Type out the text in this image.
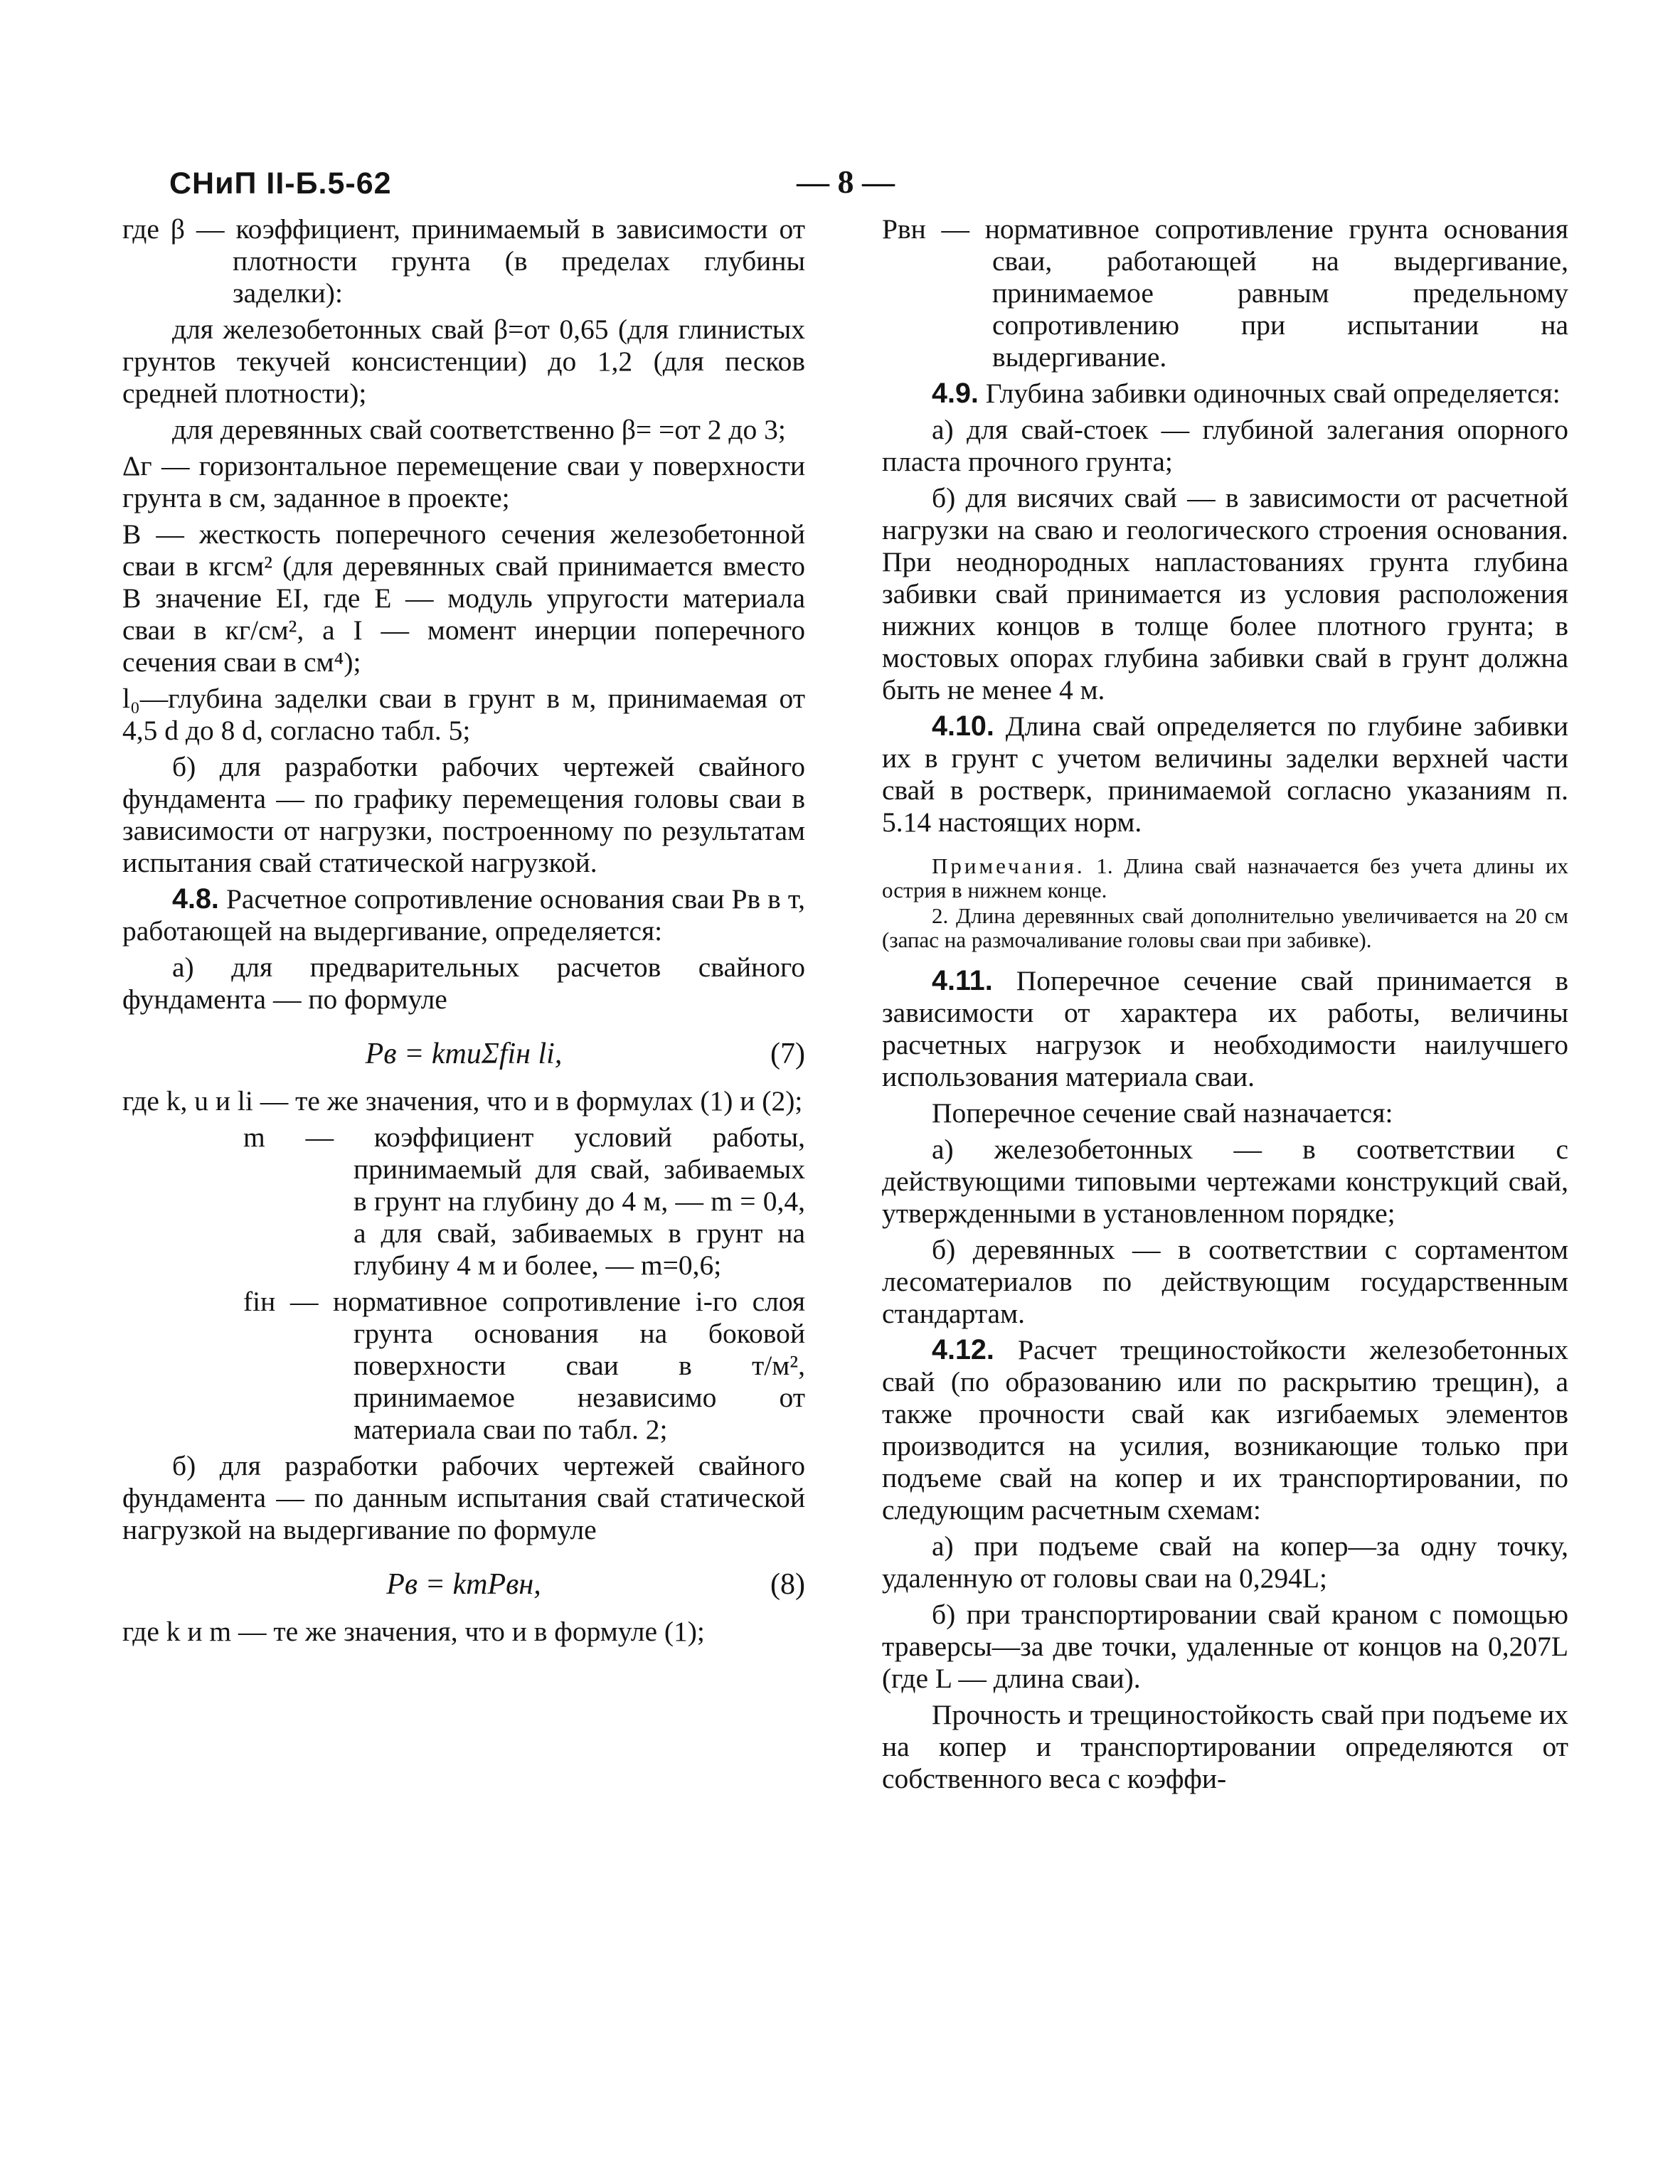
СНиП II-Б.5-62	— 8 —

где β — коэффициент, принимаемый в зависимости от плотности грунта (в пределах глубины заделки):

для железобетонных свай β=от 0,65 (для глинистых грунтов текучей консистенции) до 1,2 (для песков средней плотности);

для деревянных свай соответственно β= =от 2 до 3;

Δг — горизонтальное перемещение сваи у поверхности грунта в см, заданное в проекте;

B — жесткость поперечного сечения железобетонной сваи в кгсм² (для деревянных свай принимается вместо B значение EI, где E — модуль упругости материала сваи в кг/см², а I — момент инерции поперечного сечения сваи в см⁴);

l₀—глубина заделки сваи в грунт в м, принимаемая от 4,5 d до 8 d, согласно табл. 5;

б) для разработки рабочих чертежей свайного фундамента — по графику перемещения головы сваи в зависимости от нагрузки, построенному по результатам испытания свай статической нагрузкой.

4.8. Расчетное сопротивление основания сваи Pв в т, работающей на выдергивание, определяется:

а) для предварительных расчетов свайного фундамента — по формуле

Pв = kmuΣfiн li,	(7)

где k, u и li — те же значения, что и в формулах (1) и (2);

m — коэффициент условий работы, принимаемый для свай, забиваемых в грунт на глубину до 4 м, — m = 0,4, а для свай, забиваемых в грунт на глубину 4 м и более, — m=0,6;

fiн — нормативное сопротивление i-го слоя грунта основания на боковой поверхности сваи в т/м², принимаемое независимо от материала сваи по табл. 2;

б) для разработки рабочих чертежей свайного фундамента — по данным испытания свай статической нагрузкой на выдергивание по формуле

Pв = kmPвн,	(8)

где k и m — те же значения, что и в формуле (1);

Pвн — нормативное сопротивление грунта основания сваи, работающей на выдергивание, принимаемое равным предельному сопротивлению при испытании на выдергивание.

4.9. Глубина забивки одиночных свай определяется:

а) для свай-стоек — глубиной залегания опорного пласта прочного грунта;

б) для висячих свай — в зависимости от расчетной нагрузки на сваю и геологического строения основания. При неоднородных напластованиях грунта глубина забивки свай принимается из условия расположения нижних концов в толще более плотного грунта; в мостовых опорах глубина забивки свай в грунт должна быть не менее 4 м.

4.10. Длина свай определяется по глубине забивки их в грунт с учетом величины заделки верхней части свай в ростверк, принимаемой согласно указаниям п. 5.14 настоящих норм.

Примечания. 1. Длина свай назначается без учета длины их острия в нижнем конце.

2. Длина деревянных свай дополнительно увеличивается на 20 см (запас на размочаливание головы сваи при забивке).

4.11. Поперечное сечение свай принимается в зависимости от характера их работы, величины расчетных нагрузок и необходимости наилучшего использования материала сваи.

Поперечное сечение свай назначается:

а) железобетонных — в соответствии с действующими типовыми чертежами конструкций свай, утвержденными в установленном порядке;

б) деревянных — в соответствии с сортаментом лесоматериалов по действующим государственным стандартам.

4.12. Расчет трещиностойкости железобетонных свай (по образованию или по раскрытию трещин), а также прочности свай как изгибаемых элементов производится на усилия, возникающие только при подъеме свай на копер и их транспортировании, по следующим расчетным схемам:

а) при подъеме свай на копер—за одну точку, удаленную от головы сваи на 0,294L;

б) при транспортировании свай краном с помощью траверсы—за две точки, удаленные от концов на 0,207L (где L — длина сваи).

Прочность и трещиностойкость свай при подъеме их на копер и транспортировании определяются от собственного веса с коэффи-
